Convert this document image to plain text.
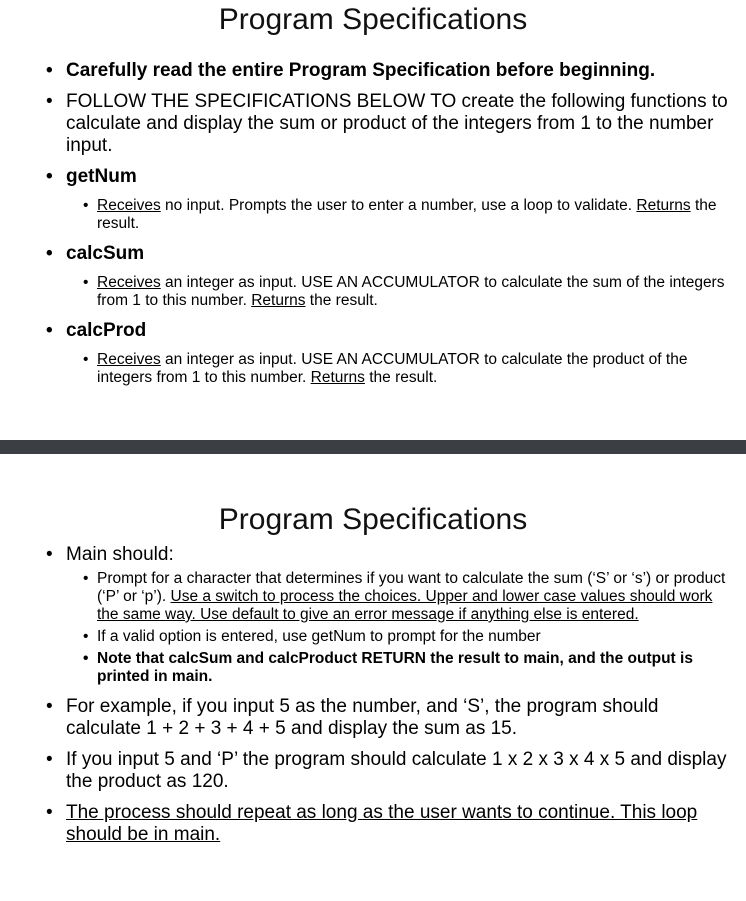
Program Specifications
• Carefully read the entire Program Specification before beginning.
• FOLLOW THE SPECIFICATIONS BELOW TO create the following functions to calculate and display the sum or product of the integers from 1 to the number input.
• getNum
• Receives no input. Prompts the user to enter a number, use a loop to validate. Returns the result.
• calcSum
• Receives an integer as input. USE AN ACCUMULATOR to calculate the sum of the integers from 1 to this number. Returns the result.
• calcProd
• Receives an integer as input. USE AN ACCUMULATOR to calculate the product of the integers from 1 to this number. Returns the result.
Program Specifications
• Main should:
• Prompt for a character that determines if you want to calculate the sum (‘S’ or ‘s’) or product (‘P’ or ‘p’). Use a switch to process the choices. Upper and lower case values should work the same way. Use default to give an error message if anything else is entered.
• If a valid option is entered, use getNum to prompt for the number
• Note that calcSum and calcProduct RETURN the result to main, and the output is printed in main.
• For example, if you input 5 as the number, and ‘S’, the program should calculate 1 + 2 + 3 + 4 + 5 and display the sum as 15.
• If you input 5 and ‘P’ the program should calculate 1 x 2 x 3 x 4 x 5 and display the product as 120.
• The process should repeat as long as the user wants to continue. This loop should be in main.
